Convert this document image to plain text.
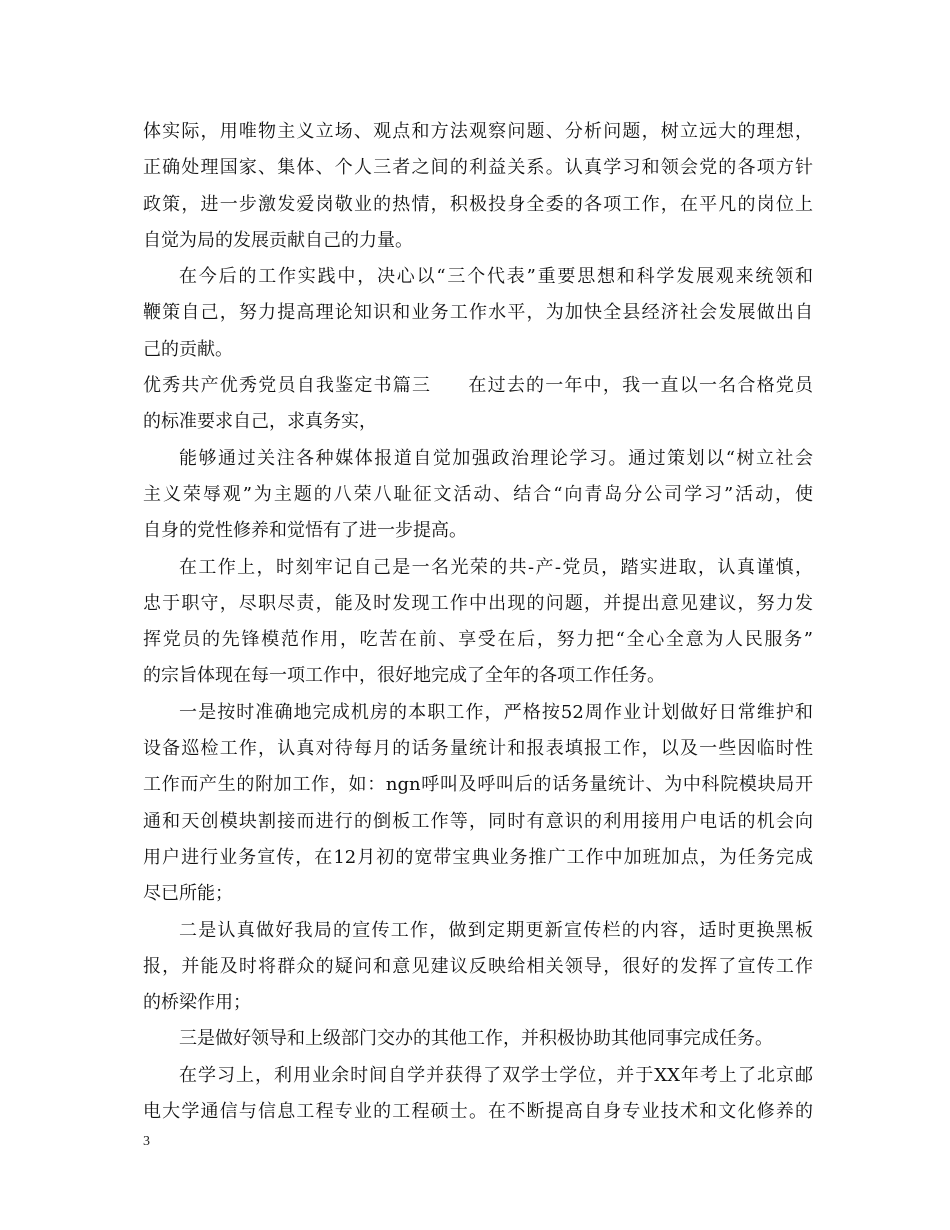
体实际，用唯物主义立场、观点和方法观察问题、分析问题，树立远大的理想，
正确处理国家、集体、个人三者之间的利益关系。认真学习和领会党的各项方针
政策，进一步激发爱岗敬业的热情，积极投身全委的各项工作，在平凡的岗位上
自觉为局的发展贡献自己的力量。
在今后的工作实践中，决心以“三个代表”重要思想和科学发展观来统领和
鞭策自己，努力提高理论知识和业务工作水平，为加快全县经济社会发展做出自
己的贡献。
优秀共产优秀党员自我鉴定书篇三 在过去的一年中，我一直以一名合格党员
的标准要求自己，求真务实，
能够通过关注各种媒体报道自觉加强政治理论学习。通过策划以“树立社会
主义荣辱观”为主题的八荣八耻征文活动、结合“向青岛分公司学习”活动，使
自身的党性修养和觉悟有了进一步提高。
在工作上，时刻牢记自己是一名光荣的共-产-党员，踏实进取，认真谨慎，
忠于职守，尽职尽责，能及时发现工作中出现的问题，并提出意见建议，努力发
挥党员的先锋模范作用，吃苦在前、享受在后，努力把“全心全意为人民服务”
的宗旨体现在每一项工作中，很好地完成了全年的各项工作任务。
一是按时准确地完成机房的本职工作，严格按52周作业计划做好日常维护和
设备巡检工作，认真对待每月的话务量统计和报表填报工作，以及一些因临时性
工作而产生的附加工作，如：ngn呼叫及呼叫后的话务量统计、为中科院模块局开
通和天创模块割接而进行的倒板工作等，同时有意识的利用接用户电话的机会向
用户进行业务宣传，在12月初的宽带宝典业务推广工作中加班加点，为任务完成
尽已所能；
二是认真做好我局的宣传工作，做到定期更新宣传栏的内容，适时更换黑板
报，并能及时将群众的疑问和意见建议反映给相关领导，很好的发挥了宣传工作
的桥梁作用；
三是做好领导和上级部门交办的其他工作，并积极协助其他同事完成任务。
在学习上，利用业余时间自学并获得了双学士学位，并于XX年考上了北京邮
电大学通信与信息工程专业的工程硕士。在不断提高自身专业技术和文化修养的
3
